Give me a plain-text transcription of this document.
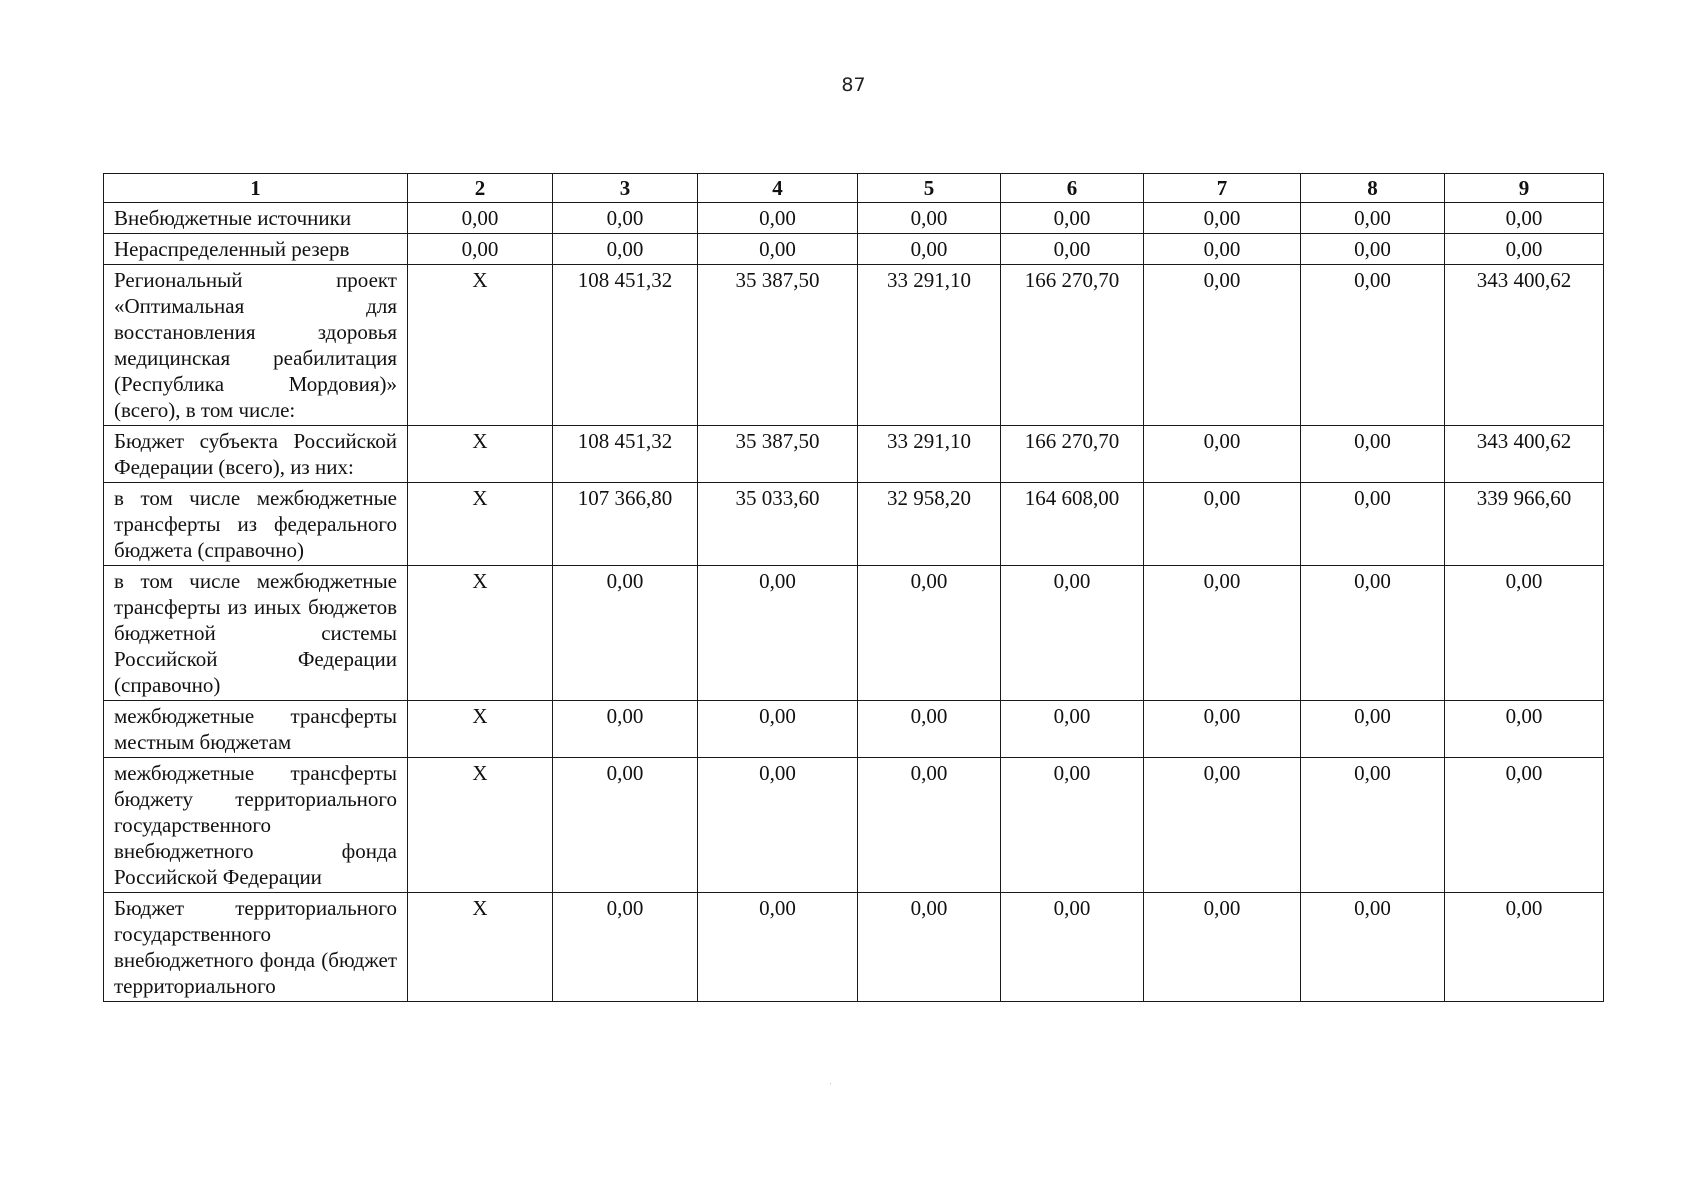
87
1	2	3	4	5	6	7	8	9
Внебюджетные источники	0,00	0,00	0,00	0,00	0,00	0,00	0,00	0,00
Нераспределенный резерв	0,00	0,00	0,00	0,00	0,00	0,00	0,00	0,00
Региональный проект «Оптимальная для восстановления здоровья медицинская реабилитация (Республика Мордовия)» (всего), в том числе:	X	108 451,32	35 387,50	33 291,10	166 270,70	0,00	0,00	343 400,62
Бюджет субъекта Российской Федерации (всего), из них:	X	108 451,32	35 387,50	33 291,10	166 270,70	0,00	0,00	343 400,62
в том числе межбюджетные трансферты из федерального бюджета (справочно)	X	107 366,80	35 033,60	32 958,20	164 608,00	0,00	0,00	339 966,60
в том числе межбюджетные трансферты из иных бюджетов бюджетной системы Российской Федерации (справочно)	X	0,00	0,00	0,00	0,00	0,00	0,00	0,00
межбюджетные трансферты местным бюджетам	X	0,00	0,00	0,00	0,00	0,00	0,00	0,00
межбюджетные трансферты бюджету территориального государственного внебюджетного фонда Российской Федерации	X	0,00	0,00	0,00	0,00	0,00	0,00	0,00
Бюджет территориального государственного внебюджетного фонда (бюджет территориального	X	0,00	0,00	0,00	0,00	0,00	0,00	0,00
